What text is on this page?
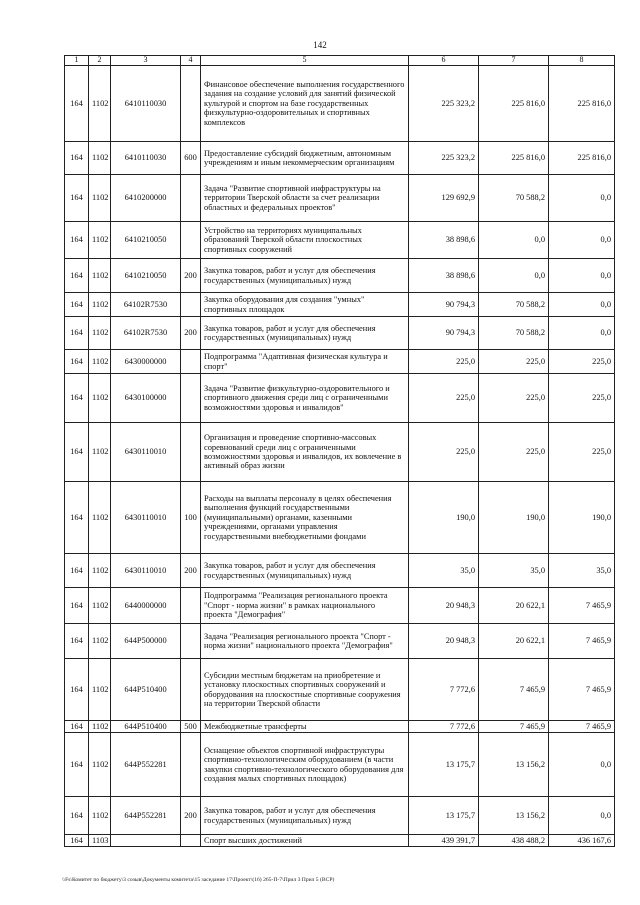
142
1	2	3	4	5	6	7	8
164	1102	6410110030		Финансовое обеспечение выполнения государственного задания на создание условий для занятий физической культурой и спортом на базе государственных физкультурно-оздоровительных и спортивных комплексов	225 323,2	225 816,0	225 816,0
164	1102	6410110030	600	Предоставление субсидий бюджетным, автономным учреждениям и иным некоммерческим организациям	225 323,2	225 816,0	225 816,0
164	1102	6410200000		Задача "Развитие спортивной инфраструктуры на территории Тверской области за счет реализации областных и федеральных проектов"	129 692,9	70 588,2	0,0
164	1102	6410210050		Устройство на территориях муниципальных образований Тверской области плоскостных спортивных сооружений	38 898,6	0,0	0,0
164	1102	6410210050	200	Закупка товаров, работ и услуг для обеспечения государственных (муниципальных) нужд	38 898,6	0,0	0,0
164	1102	64102R7530		Закупка оборудования для создания "умных" спортивных площадок	90 794,3	70 588,2	0,0
164	1102	64102R7530	200	Закупка товаров, работ и услуг для обеспечения государственных (муниципальных) нужд	90 794,3	70 588,2	0,0
164	1102	6430000000		Подпрограмма "Адаптивная физическая культура и спорт"	225,0	225,0	225,0
164	1102	6430100000		Задача "Развитие физкультурно-оздоровительного и спортивного движения среди лиц с ограниченными возможностями здоровья и инвалидов"	225,0	225,0	225,0
164	1102	6430110010		Организация и проведение спортивно-массовых соревнований среди лиц с ограниченными возможностями здоровья и инвалидов, их вовлечение в активный образ жизни	225,0	225,0	225,0
164	1102	6430110010	100	Расходы на выплаты персоналу в целях обеспечения выполнения функций государственными (муниципальными) органами, казенными учреждениями, органами управления государственными внебюджетными фондами	190,0	190,0	190,0
164	1102	6430110010	200	Закупка товаров, работ и услуг для обеспечения государственных (муниципальных) нужд	35,0	35,0	35,0
164	1102	6440000000		Подпрограмма "Реализация регионального проекта "Спорт - норма жизни" в рамках национального проекта "Демография"	20 948,3	20 622,1	7 465,9
164	1102	644P500000		Задача "Реализация регионального проекта "Спорт - норма жизни" национального проекта "Демография"	20 948,3	20 622,1	7 465,9
164	1102	644P510400		Субсидии местным бюджетам на приобретение и установку плоскостных спортивных сооружений и оборудования на плоскостные спортивные сооружения на территории Тверской области	7 772,6	7 465,9	7 465,9
164	1102	644P510400	500	Межбюджетные трансферты	7 772,6	7 465,9	7 465,9
164	1102	644P552281		Оснащение объектов спортивной инфраструктуры спортивно-технологическим оборудованием (в части закупки спортивно-технологического оборудования для создания малых спортивных площадок)	13 175,7	13 156,2	0,0
164	1102	644P552281	200	Закупка товаров, работ и услуг для обеспечения государственных (муниципальных) нужд	13 175,7	13 156,2	0,0
164	1103			Спорт высших достижений	439 391,7	438 488,2	436 167,6
\\Fs\Комитет по бюджету\3 созыв\Документы комитета\15 заседание 17\Проект\(16) 265-П-7\Прил 3 Прил 5 (ВСР)
